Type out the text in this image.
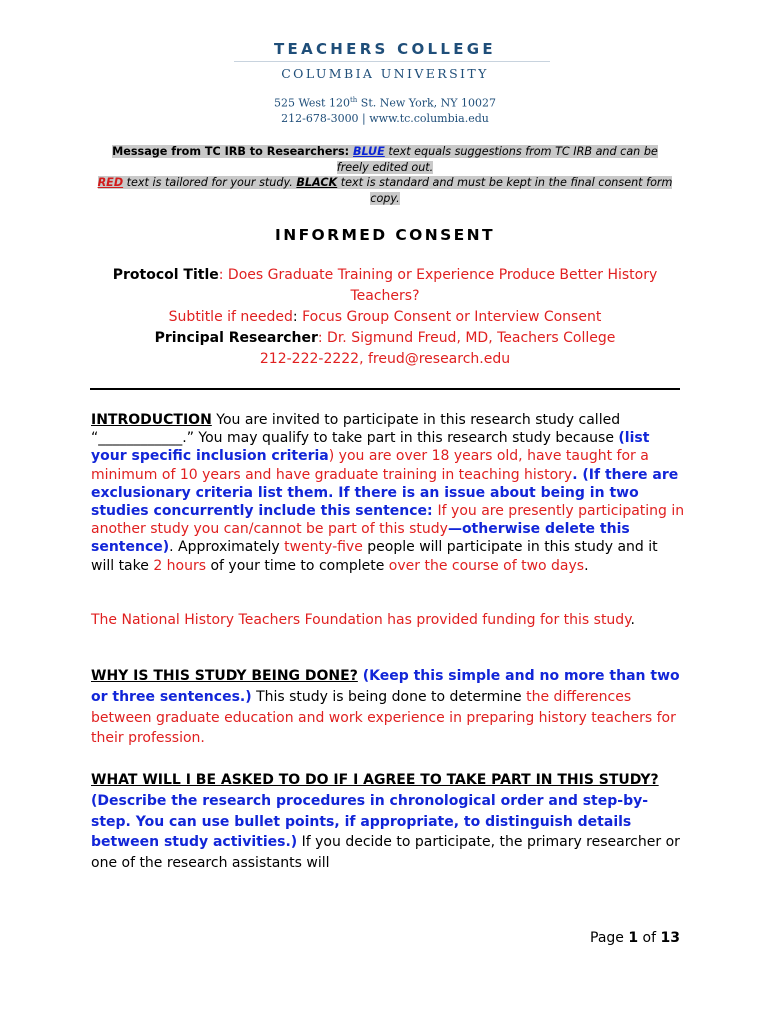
TEACHERS COLLEGE
COLUMBIA UNIVERSITY
525 West 120th St. New York, NY 10027
212-678-3000 | www.tc.columbia.edu
Message from TC IRB to Researchers: BLUE text equals suggestions from TC IRB and can be freely edited out.
RED text is tailored for your study. BLACK text is standard and must be kept in the final consent form copy.
INFORMED CONSENT
Protocol Title: Does Graduate Training or Experience Produce Better History Teachers?
Subtitle if needed: Focus Group Consent or Interview Consent
Principal Researcher: Dr. Sigmund Freud, MD, Teachers College
212-222-2222, freud@research.edu
INTRODUCTION You are invited to participate in this research study called “____________.” You may qualify to take part in this research study because (list your specific inclusion criteria) you are over 18 years old, have taught for a minimum of 10 years and have graduate training in teaching history. (If there are exclusionary criteria list them. If there is an issue about being in two studies concurrently include this sentence: If you are presently participating in another study you can/cannot be part of this study—otherwise delete this sentence). Approximately twenty-five people will participate in this study and it will take 2 hours of your time to complete over the course of two days.
The National History Teachers Foundation has provided funding for this study.
WHY IS THIS STUDY BEING DONE? (Keep this simple and no more than two or three sentences.) This study is being done to determine the differences between graduate education and work experience in preparing history teachers for their profession.
WHAT WILL I BE ASKED TO DO IF I AGREE TO TAKE PART IN THIS STUDY? (Describe the research procedures in chronological order and step-by-step. You can use bullet points, if appropriate, to distinguish details between study activities.) If you decide to participate, the primary researcher or one of the research assistants will
Page 1 of 13
